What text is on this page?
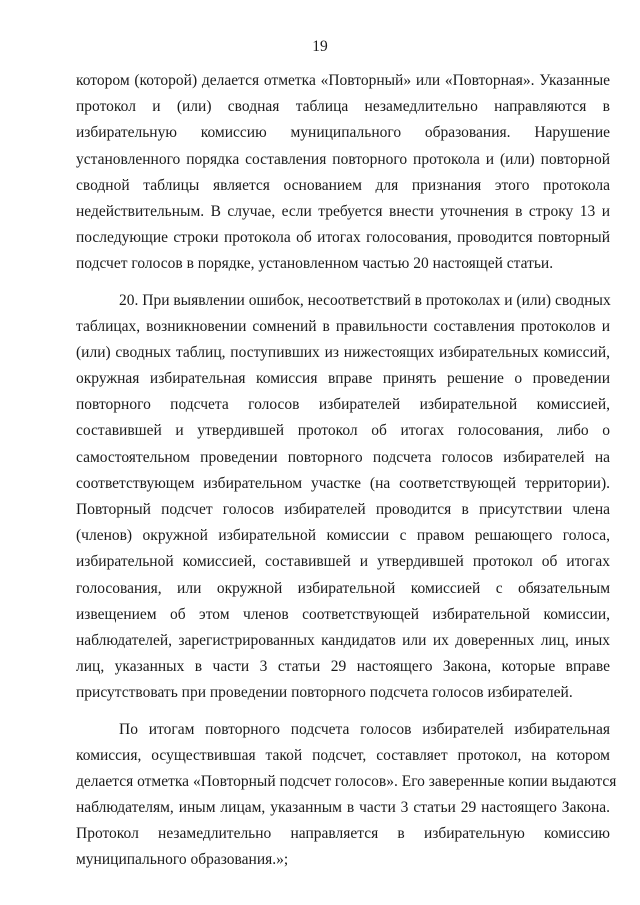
19
котором (которой) делается отметка «Повторный» или «Повторная». Указанные
протокол и (или) сводная таблица незамедлительно направляются в
избирательную комиссию муниципального образования. Нарушение
установленного порядка составления повторного протокола и (или) повторной
сводной таблицы является основанием для признания этого протокола
недействительным. В случае, если требуется внести уточнения в строку 13 и
последующие строки протокола об итогах голосования, проводится повторный
подсчет голосов в порядке, установленном частью 20 настоящей статьи.
20. При выявлении ошибок, несоответствий в протоколах и (или) сводных
таблицах, возникновении сомнений в правильности составления протоколов и
(или) сводных таблиц, поступивших из нижестоящих избирательных комиссий,
окружная избирательная комиссия вправе принять решение о проведении
повторного подсчета голосов избирателей избирательной комиссией,
составившей и утвердившей протокол об итогах голосования, либо о
самостоятельном проведении повторного подсчета голосов избирателей на
соответствующем избирательном участке (на соответствующей территории).
Повторный подсчет голосов избирателей проводится в присутствии члена
(членов) окружной избирательной комиссии с правом решающего голоса,
избирательной комиссией, составившей и утвердившей протокол об итогах
голосования, или окружной избирательной комиссией с обязательным
извещением об этом членов соответствующей избирательной комиссии,
наблюдателей, зарегистрированных кандидатов или их доверенных лиц, иных
лиц, указанных в части 3 статьи 29 настоящего Закона, которые вправе
присутствовать при проведении повторного подсчета голосов избирателей.
По итогам повторного подсчета голосов избирателей избирательная
комиссия, осуществившая такой подсчет, составляет протокол, на котором
делается отметка «Повторный подсчет голосов». Его заверенные копии выдаются
наблюдателям, иным лицам, указанным в части 3 статьи 29 настоящего Закона.
Протокол незамедлительно направляется в избирательную комиссию
муниципального образования.»;
